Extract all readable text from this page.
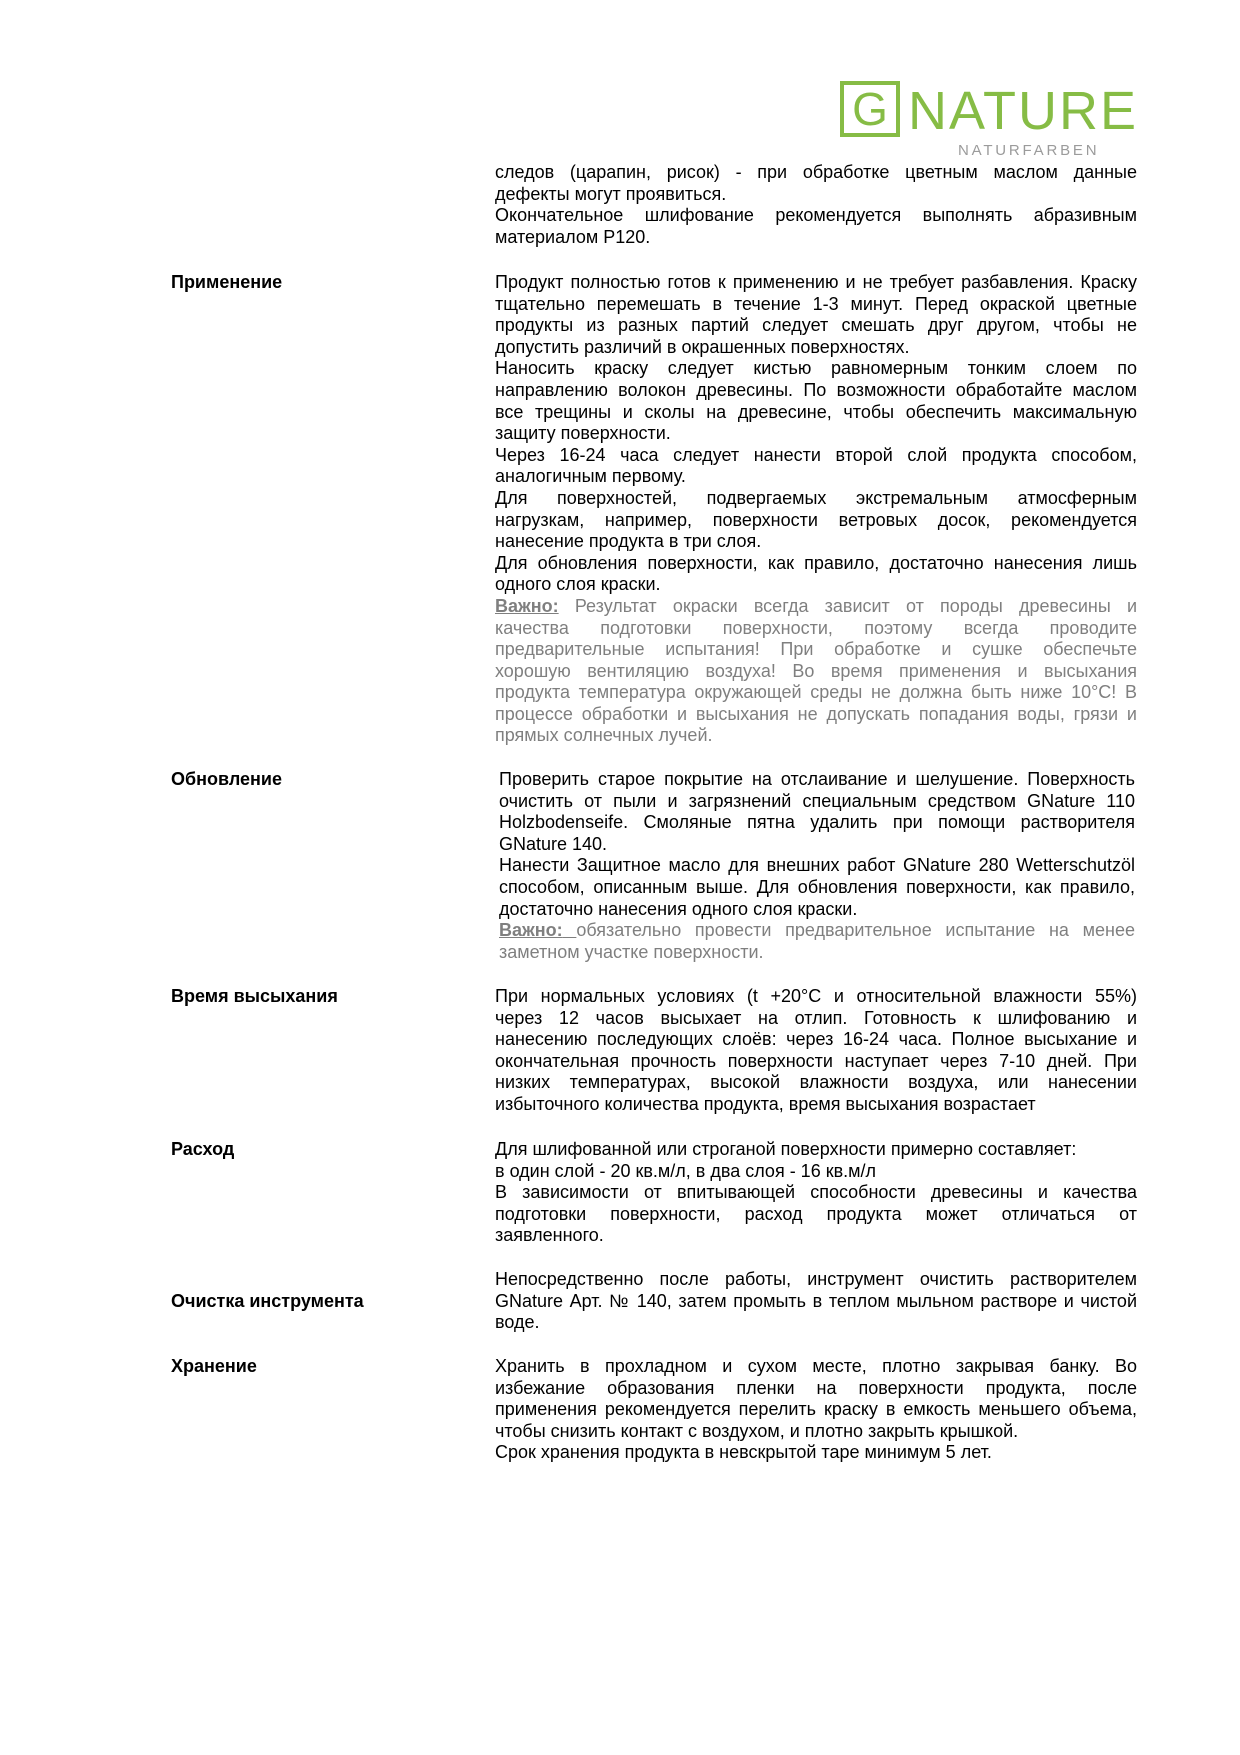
G NATURE
NATURFARBEN
следов (царапин, рисок) - при обработке цветным маслом данные
дефекты могут проявиться.
Окончательное шлифование рекомендуется выполнять абразивным
материалом Р120.
Применение	Продукт полностью готов к применению и не требует разбавления. Краску
тщательно перемешать в течение 1-3 минут. Перед окраской цветные
продукты из разных партий следует смешать друг другом, чтобы не
допустить различий в окрашенных поверхностях.
Наносить краску следует кистью равномерным тонким слоем по
направлению волокон древесины. По возможности обработайте маслом
все трещины и сколы на древесине, чтобы обеспечить максимальную
защиту поверхности.
Через 16-24 часа следует нанести второй слой продукта способом,
аналогичным первому.
Для поверхностей, подвергаемых экстремальным атмосферным
нагрузкам, например, поверхности ветровых досок, рекомендуется
нанесение продукта в три слоя.
Для обновления поверхности, как правило, достаточно нанесения лишь
одного слоя краски.
Важно: Результат окраски всегда зависит от породы древесины и
качества подготовки поверхности, поэтому всегда проводите
предварительные испытания! При обработке и сушке обеспечьте
хорошую вентиляцию воздуха! Во время применения и высыхания
продукта температура окружающей среды не должна быть ниже 10°C! В
процессе обработки и высыхания не допускать попадания воды, грязи и
прямых солнечных лучей.
Обновление	Проверить старое покрытие на отслаивание и шелушение. Поверхность
очистить от пыли и загрязнений специальным средством GNature 110
Holzbodenseife. Смоляные пятна удалить при помощи растворителя
GNature 140.
Нанести Защитное масло для внешних работ GNature 280 Wetterschutzöl
способом, описанным выше. Для обновления поверхности, как правило,
достаточно нанесения одного слоя краски.
Важно: обязательно провести предварительное испытание на менее
заметном участке поверхности.
Время высыхания	При нормальных условиях (t +20°С и относительной влажности 55%)
через 12 часов высыхает на отлип. Готовность к шлифованию и
нанесению последующих слоёв: через 16-24 часа. Полное высыхание и
окончательная прочность поверхности наступает через 7-10 дней. При
низких температурах, высокой влажности воздуха, или нанесении
избыточного количества продукта, время высыхания возрастает
Расход	Для шлифованной или строганой поверхности примерно составляет:
в один слой - 20 кв.м/л, в два слоя - 16 кв.м/л
В зависимости от впитывающей способности древесины и качества
подготовки поверхности, расход продукта может отличаться от
заявленного.
Очистка инструмента
Непосредственно после работы, инструмент очистить растворителем
GNature Арт. № 140, затем промыть в теплом мыльном растворе и чистой
воде.
Хранение	Хранить в прохладном и сухом месте, плотно закрывая банку. Во
избежание образования пленки на поверхности продукта, после
применения рекомендуется перелить краску в емкость меньшего объема,
чтобы снизить контакт с воздухом, и плотно закрыть крышкой.
Срок хранения продукта в невскрытой таре минимум 5 лет.
